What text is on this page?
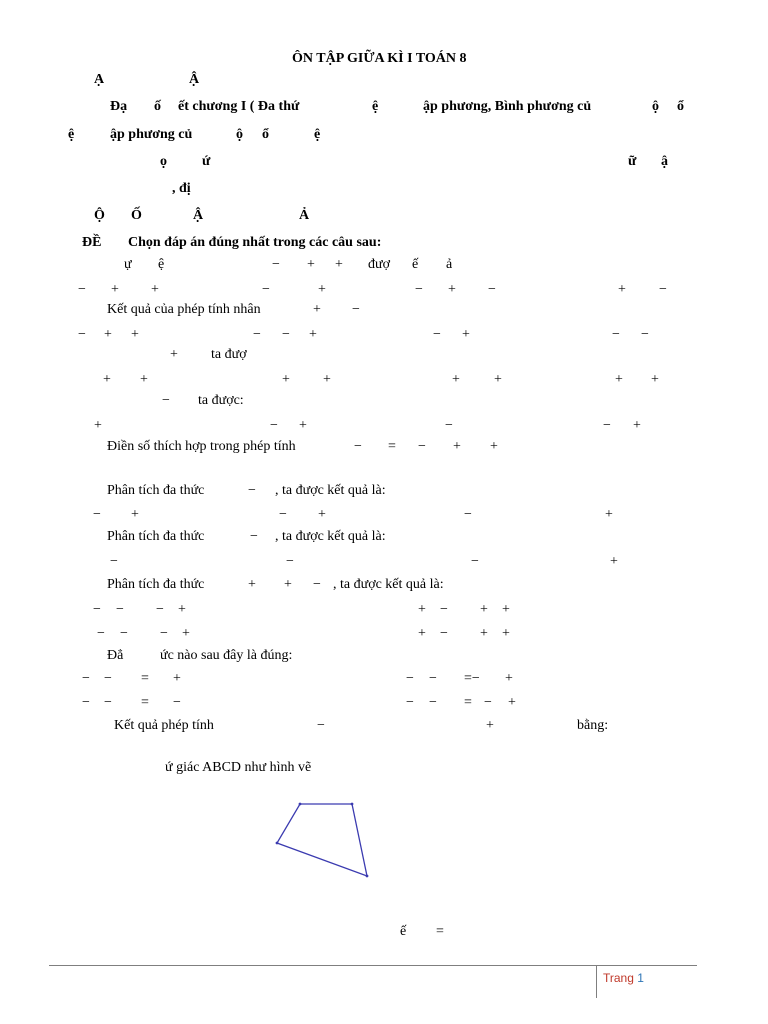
ÔN TẬP GIỮA KÌ I TOÁN 8
Ạ	Ậ
Đạ ố ết chương I ( Đa thứ	ệ	ập phương, Bình phương củ	ộ ổ
ệ	ập phương củ	ộ ổ	ệ
ọ	ứ	ữ ậ
, đị
Ộ Ố	Ậ	Ả
ĐỀ Chọn đáp án đúng nhất trong các câu sau:
ự ệ	− + + đượ ế ả
− + +	−	+	− + −	+ −
Kết quả của phép tính nhân	+ −
− + +	− − +	− +	− −
+ ta đượ
+ +	+ +	+ +	+ +
− ta được:
+	− +	−	− +
Điền số thích hợp trong phép tính	− = − + +
Phân tích đa thức	− , ta được kết quả là:
− +	− +	−	+
Phân tích đa thức	− , ta được kết quả là:
−	−	−	+
Phân tích đa thức	+ + − , ta được kết quả là:
− − − +	+ − + +
− − − +	+ − + +
Đẳ	ức nào sau đây là đúng:
− − = +	− − =− +
− − = −	− − = − +
Kết quả phép tính	−	+	bằng:
ứ giác ABCD như hình vẽ
ế =
Trang 1
